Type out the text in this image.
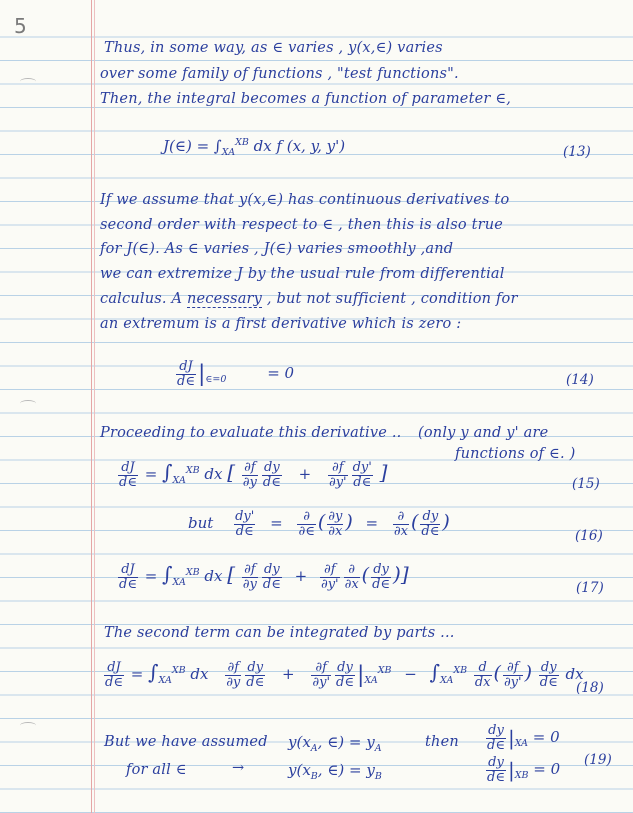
5
Thus, in some way, as ∈ varies , y(x,∈) varies
over some family of functions , "test functions".
Then, the integral becomes a function of parameter ∈,
J(∈) = $\int_{XA}^{XB}$ dx f (x, y, y')	(13)
If we assume that y(x,∈) has continuous derivatives to
second order with respect to ∈ , then this is also true
for J(∈). As ∈ varies , J(∈) varies smoothly ,and
we can extremize J by the usual rule from differential
calculus. A necessary , but not sufficient , condition for
an extremum is a first derivative which is zero :
$\frac{dJ}{d\in} |_{\in=0}$	= 0	(14)
Proceeding to evaluate this derivative .. (only y and y' are
functions of ∈. )
$\frac{dJ}{d\in} = \int_{XA}^{XB}$ dx [ $\frac{\partial f}{\partial y} \frac{dy}{d\in} + \frac{\partial f}{\partial y'} \frac{dy'}{d\in}$ ]	(15)
but $\frac{dy'}{d\in} = \frac{\partial}{\partial\in}$ ( $\frac{\partial y}{\partial x}$ ) = $\frac{\partial}{\partial x}$ ( $\frac{dy}{d\in}$ )
(16)
$\frac{dJ}{d\in} = \int_{XA}^{XB}$ dx [ $\frac{\partial f}{\partial y} \frac{dy}{d\in} + \frac{\partial f}{\partial y'} \frac{\partial}{\partial x}$ ( $\frac{dy}{d\in}$ )]
(17)
The second term can be integrated by parts ...
$\frac{dJ}{d\in} = \int_{XA}^{XB}$ dx $\frac{\partial f}{\partial y} \frac{dy}{d\in} + \frac{\partial f}{\partial y'} \frac{dy}{d\in} |_{XA}^{XB} - \int_{XA}^{XB} \frac{d}{dx}$ ( $\frac{\partial f}{\partial y'}$ ) $\frac{dy}{d\in}$ dx
(18)
But we have assumed $y(x_A$, ∈) = $y_A$	then $\frac{dy}{d\in} |_{XA} = 0$
for all ∈	→	$y(x_B$, ∈) = $y_B$	$\frac{dy}{d\in} |_{XB} = 0$
(19)
